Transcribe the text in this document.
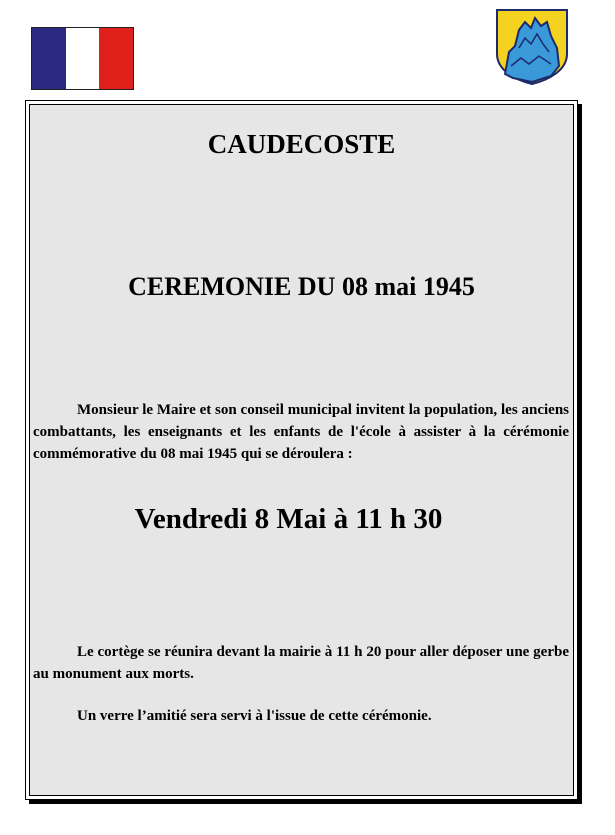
CAUDECOSTE
CEREMONIE DU 08 mai 1945

Monsieur le Maire et son conseil municipal invitent la population, les anciens combattants, les enseignants et les enfants de l'école à assister à la cérémonie commémorative du 08 mai 1945 qui se déroulera :

Vendredi 8 Mai à 11 h 30

Le cortège se réunira devant la mairie à 11 h 20 pour aller déposer une gerbe au monument aux morts.

Un verre l’amitié sera servi à l'issue de cette cérémonie.
